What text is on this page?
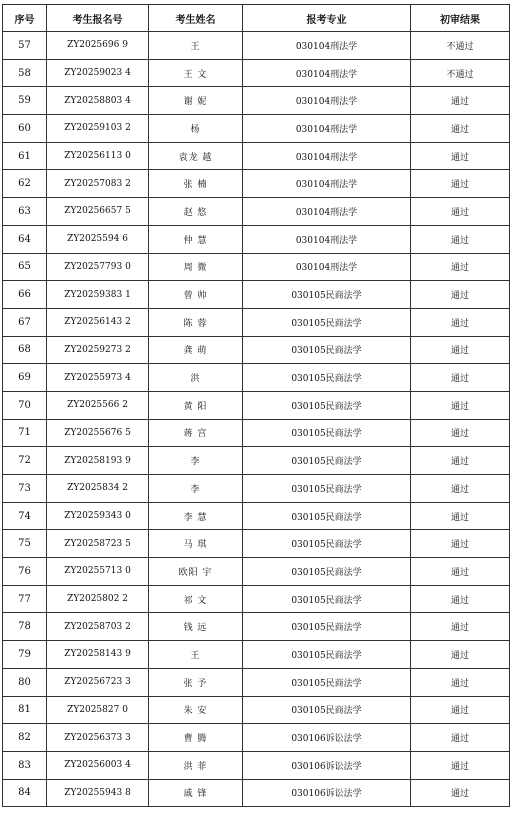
序号	考生报名号	考生姓名	报考专业	初审结果
57	ZY2025696 9	王	030104刑法学	不通过
58	ZY20259023 4	王 文	030104刑法学	不通过
59	ZY20258803 4	谢 妮	030104刑法学	通过
60	ZY20259103 2	杨	030104刑法学	通过
61	ZY20256113 0	袁龙 越	030104刑法学	通过
62	ZY20257083 2	张 楠	030104刑法学	通过
63	ZY20256657 5	赵 悠	030104刑法学	通过
64	ZY2025594 6	仲 慧	030104刑法学	通过
65	ZY20257793 0	周 微	030104刑法学	通过
66	ZY20259383 1	曾 帅	030105民商法学	通过
67	ZY20256143 2	陈 蓉	030105民商法学	通过
68	ZY20259273 2	龚 萌	030105民商法学	通过
69	ZY20255973 4	洪	030105民商法学	通过
70	ZY2025566 2	黄 阳	030105民商法学	通过
71	ZY20255676 5	蒋 宫	030105民商法学	通过
72	ZY20258193 9	李	030105民商法学	通过
73	ZY2025834 2	李	030105民商法学	通过
74	ZY20259343 0	李 慧	030105民商法学	通过
75	ZY20258723 5	马 琪	030105民商法学	通过
76	ZY20255713 0	欧阳 宇	030105民商法学	通过
77	ZY2025802 2	祁 文	030105民商法学	通过
78	ZY20258703 2	钱 远	030105民商法学	通过
79	ZY20258143 9	王	030105民商法学	通过
80	ZY20256723 3	张 予	030105民商法学	通过
81	ZY2025827 0	朱 安	030105民商法学	通过
82	ZY20256373 3	曹 腾	030106诉讼法学	通过
83	ZY20256003 4	洪 菲	030106诉讼法学	通过
84	ZY20255943 8	戚 锋	030106诉讼法学	通过
